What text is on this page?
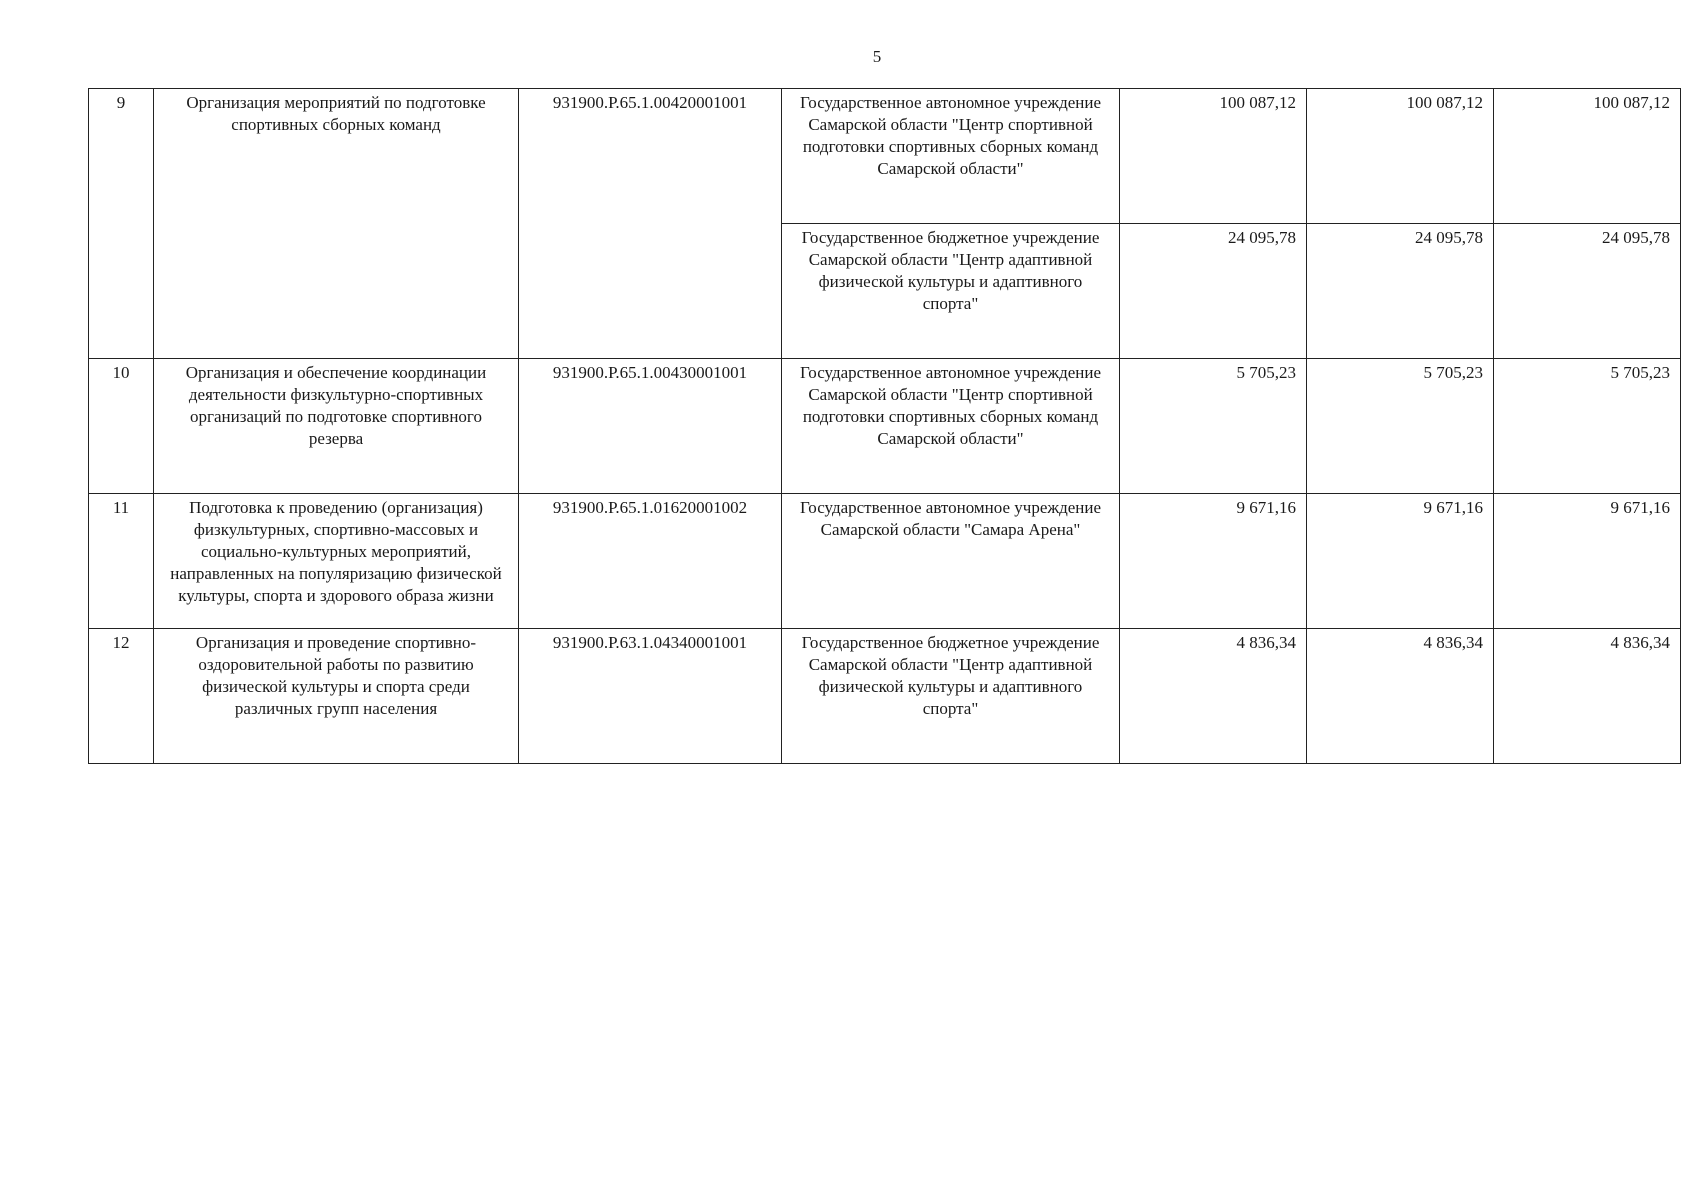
5
9	Организация мероприятий по подготовке спортивных сборных команд	931900.Р.65.1.00420001001	Государственное автономное учреждение Самарской области "Центр спортивной подготовки спортивных сборных команд Самарской области"	100 087,12	100 087,12	100 087,12
			Государственное бюджетное учреждение Самарской области "Центр адаптивной физической культуры и адаптивного спорта"	24 095,78	24 095,78	24 095,78
10	Организация и обеспечение координации деятельности физкультурно-спортивных организаций по подготовке спортивного резерва	931900.Р.65.1.00430001001	Государственное автономное учреждение Самарской области "Центр спортивной подготовки спортивных сборных команд Самарской области"	5 705,23	5 705,23	5 705,23
11	Подготовка к проведению (организация) физкультурных, спортивно-массовых и социально-культурных мероприятий, направленных на популяризацию физической культуры, спорта и здорового образа жизни	931900.Р.65.1.01620001002	Государственное автономное учреждение Самарской области "Самара Арена"	9 671,16	9 671,16	9 671,16
12	Организация и проведение спортивно-оздоровительной работы по развитию физической культуры и спорта среди различных групп населения	931900.Р.63.1.04340001001	Государственное бюджетное учреждение Самарской области "Центр адаптивной физической культуры и адаптивного спорта"	4 836,34	4 836,34	4 836,34
